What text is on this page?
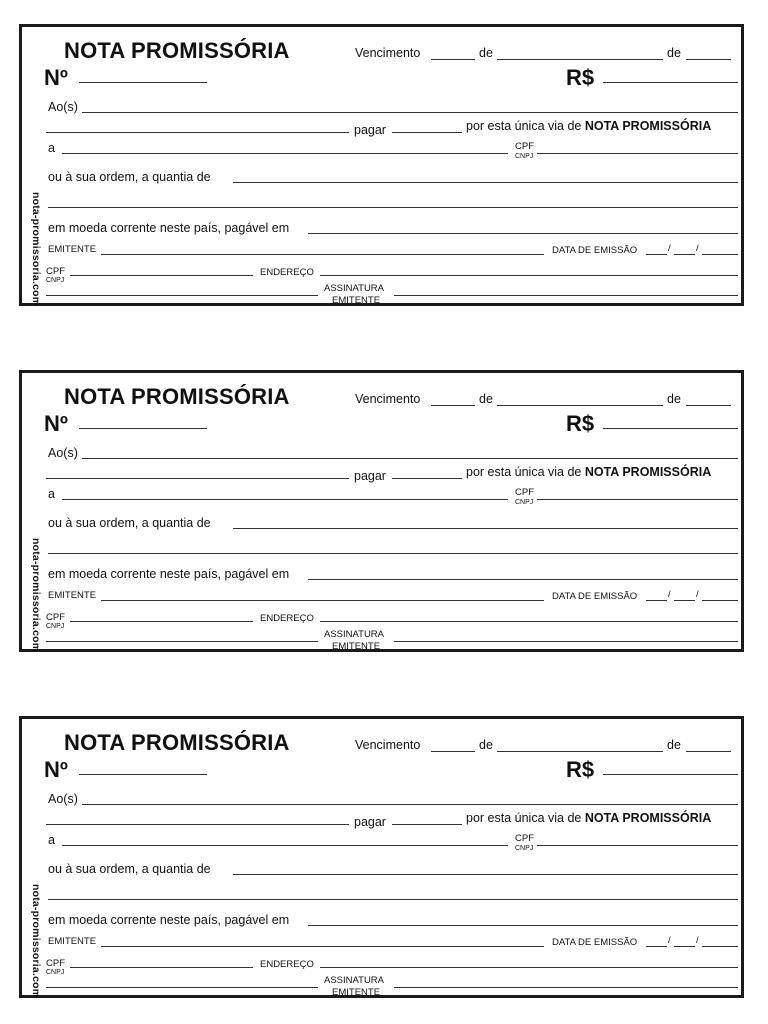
nota-promissoria.com
NOTA PROMISSÓRIA	Vencimento	de	de
Nº	R$
Ao(s)
pagar	por esta única via de NOTA PROMISSÓRIA
a	CPF
CNPJ
ou à sua ordem, a quantia de
em moeda corrente neste país, pagável em
EMITENTE	DATA DE EMISSÃO	/	/
CPF
CNPJ
ENDEREÇO
ASSINATURA
EMITENTE
nota-promissoria.com
NOTA PROMISSÓRIA	Vencimento	de	de
Nº	R$
Ao(s)
pagar	por esta única via de NOTA PROMISSÓRIA
a	CPF
CNPJ
ou à sua ordem, a quantia de
em moeda corrente neste país, pagável em
EMITENTE	DATA DE EMISSÃO	/	/
CPF
CNPJ
ENDEREÇO
ASSINATURA
EMITENTE
nota-promissoria.com
NOTA PROMISSÓRIA	Vencimento	de	de
Nº	R$
Ao(s)
pagar	por esta única via de NOTA PROMISSÓRIA
a	CPF
CNPJ
ou à sua ordem, a quantia de
em moeda corrente neste país, pagável em
EMITENTE	DATA DE EMISSÃO	/	/
CPF
CNPJ
ENDEREÇO
ASSINATURA
EMITENTE
